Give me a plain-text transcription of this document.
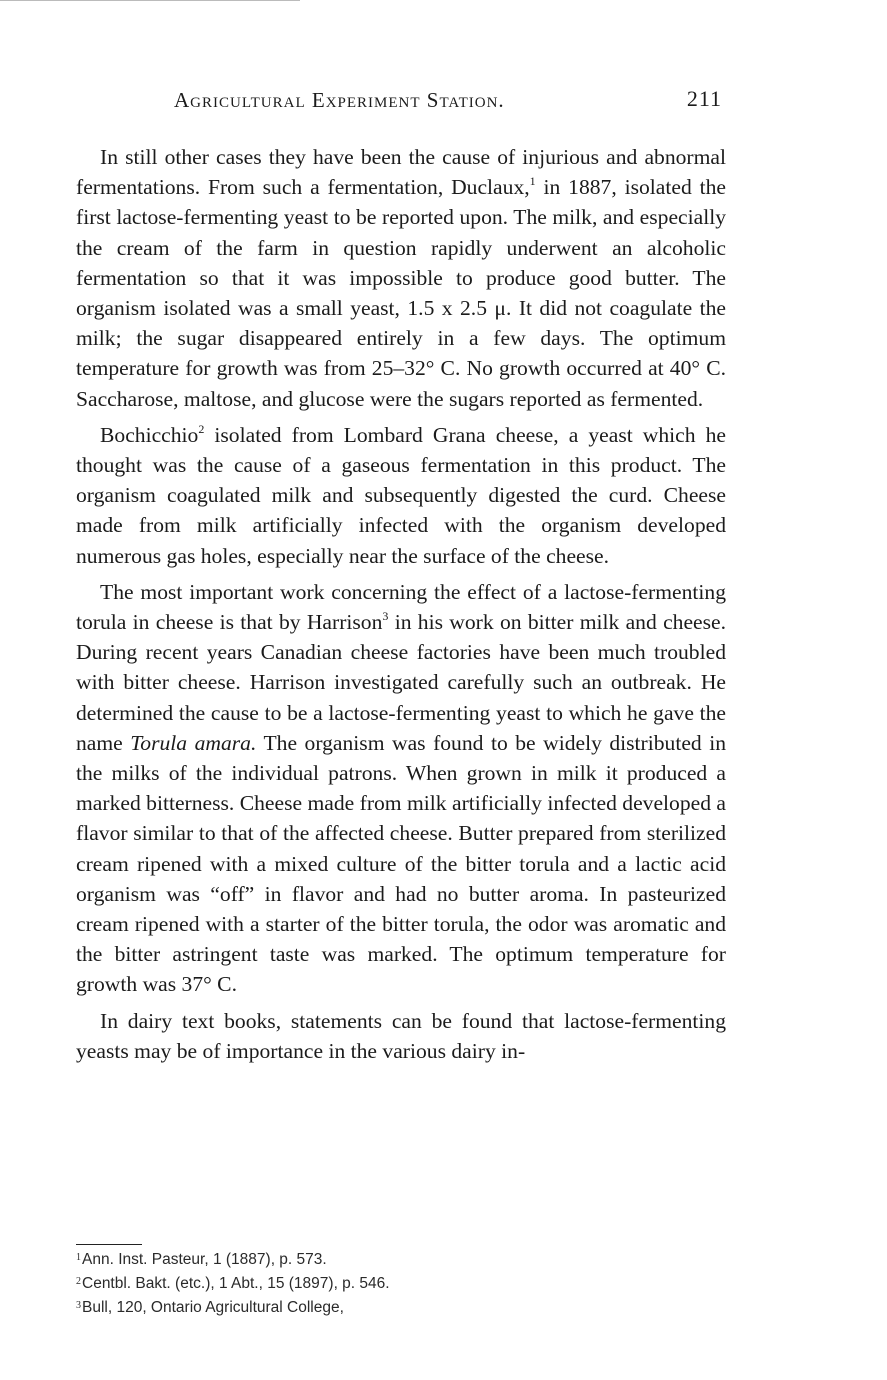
Agricultural Experiment Station.	211

In still other cases they have been the cause of injurious and abnormal fermentations. From such a fermentation, Duclaux,$^1$ in 1887, isolated the first lactose-fermenting yeast to be reported upon. The milk, and especially the cream of the farm in question rapidly underwent an alcoholic fermentation so that it was impossible to produce good butter. The organism isolated was a small yeast, 1.5 x 2.5 μ. It did not coagulate the milk; the sugar disappeared entirely in a few days. The optimum temperature for growth was from 25–32° C. No growth occurred at 40° C. Saccharose, maltose, and glucose were the sugars reported as fermented.

Bochicchio$^2$ isolated from Lombard Grana cheese, a yeast which he thought was the cause of a gaseous fermentation in this product. The organism coagulated milk and subsequently digested the curd. Cheese made from milk artificially infected with the organism developed numerous gas holes, especially near the surface of the cheese.

The most important work concerning the effect of a lactose-fermenting torula in cheese is that by Harrison$^3$ in his work on bitter milk and cheese. During recent years Canadian cheese factories have been much troubled with bitter cheese. Harrison investigated carefully such an outbreak. He determined the cause to be a lactose-fermenting yeast to which he gave the name Torula amara. The organism was found to be widely distributed in the milks of the individual patrons. When grown in milk it produced a marked bitterness. Cheese made from milk artificially infected developed a flavor similar to that of the affected cheese. Butter prepared from sterilized cream ripened with a mixed culture of the bitter torula and a lactic acid organism was “off” in flavor and had no butter aroma. In pasteurized cream ripened with a starter of the bitter torula, the odor was aromatic and the bitter astringent taste was marked. The optimum temperature for growth was 37° C.

In dairy text books, statements can be found that lactose-fermenting yeasts may be of importance in the various dairy in-

$^1$Ann. Inst. Pasteur, 1 (1887), p. 573.

$^2$Centbl. Bakt. (etc.), 1 Abt., 15 (1897), p. 546.

$^3$Bull, 120, Ontario Agricultural College,
